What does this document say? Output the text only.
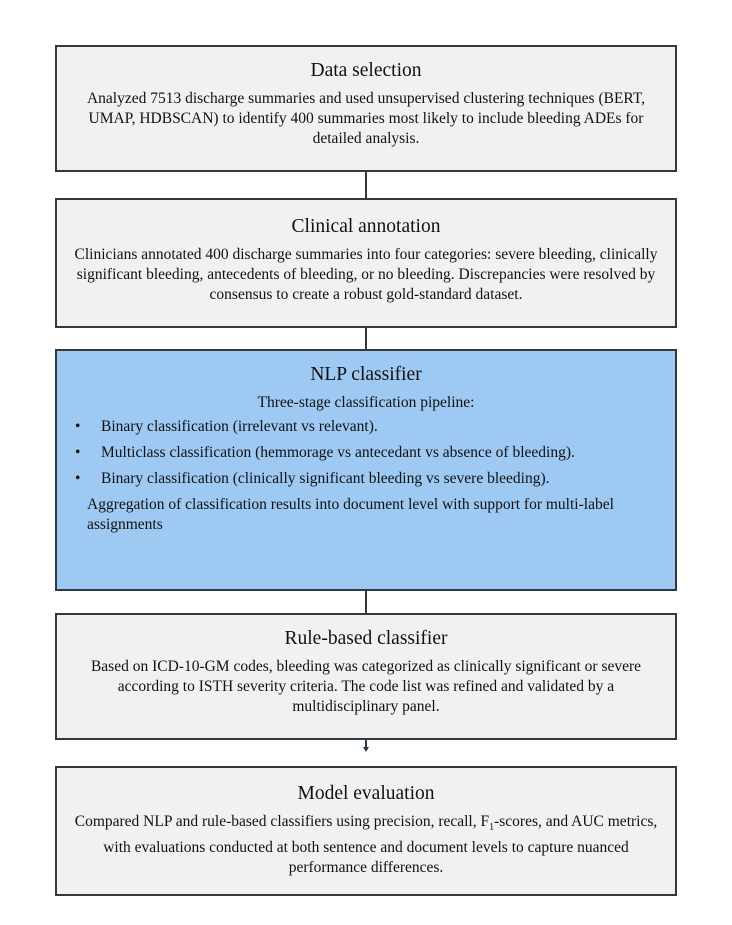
Data selection

Analyzed 7513 discharge summaries and used unsupervised clustering techniques (BERT, UMAP, HDBSCAN) to identify 400 summaries most likely to include bleeding ADEs for detailed analysis.

Clinical annotation

Clinicians annotated 400 discharge summaries into four categories: severe bleeding, clinically significant bleeding, antecedents of bleeding, or no bleeding. Discrepancies were resolved by consensus to create a robust gold-standard dataset.

NLP classifier

Three-stage classification pipeline:

• Binary classification (irrelevant vs relevant).
• Multiclass classification (hemmorage vs antecedant vs absence of bleeding).
• Binary classification (clinically significant bleeding vs severe bleeding).

Aggregation of classification results into document level with support for multi-label assignments

Rule-based classifier

Based on ICD-10-GM codes, bleeding was categorized as clinically significant or severe according to ISTH severity criteria. The code list was refined and validated by a multidisciplinary panel.

Model evaluation

Compared NLP and rule-based classifiers using precision, recall, $F_1$-scores, and AUC metrics, with evaluations conducted at both sentence and document levels to capture nuanced performance differences.
